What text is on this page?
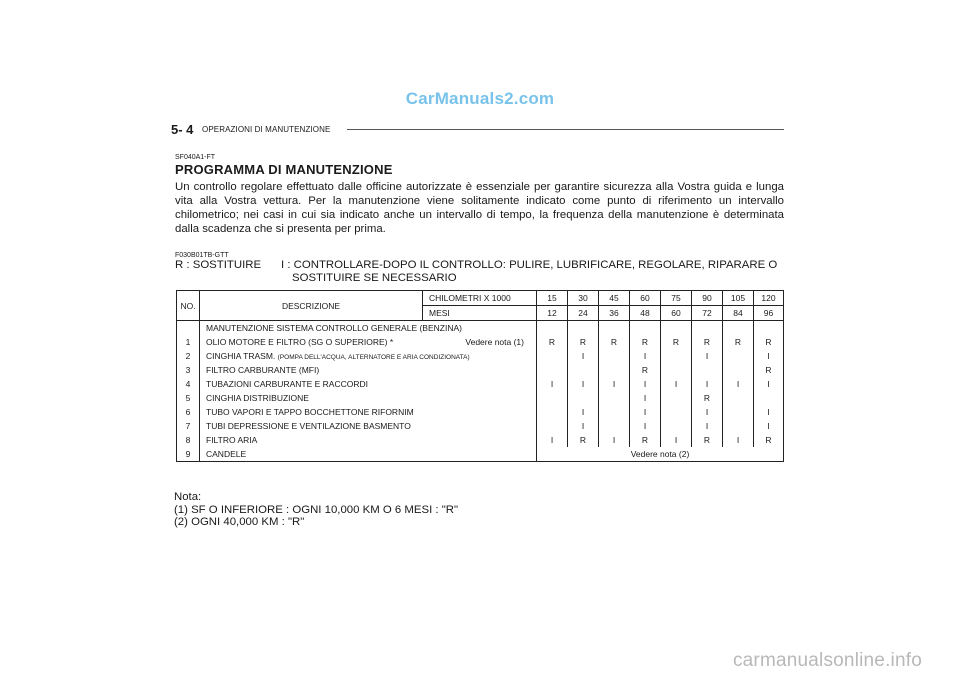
CarManuals2.com
5- 4 OPERAZIONI DI MANUTENZIONE
SF040A1-FT
PROGRAMMA DI MANUTENZIONE

Un controllo regolare effettuato dalle officine autorizzate è essenziale per garantire sicurezza alla Vostra guida e lunga vita alla Vostra vettura. Per la manutenzione viene solitamente indicato come punto di riferimento un intervallo chilometrico; nei casi in cui sia indicato anche un intervallo di tempo, la frequenza della manutenzione è determinata dalla scadenza che si presenta per prima.

F030B01TB-GTT
R : SOSTITUIRE I : CONTROLLARE-DOPO IL CONTROLLO: PULIRE, LUBRIFICARE, REGOLARE, RIPARARE O
SOSTITUIRE SE NECESSARIO
NO.	DESCRIZIONE	CHILOMETRI X 1000	15	30	45	60	75	90	105	120
		MESI	12	24	36	48	60	72	84	96
	MANUTENZIONE SISTEMA CONTROLLO GENERALE (BENZINA)									
1	OLIO MOTORE E FILTRO (SG O SUPERIORE) *	Vedere nota (1)	R	R	R	R	R	R	R	R
2	CINGHIA TRASM. (POMPA DELL'ACQUA, ALTERNATORE E ARIA CONDIZIONATA)			I		I		I		I
3	FILTRO CARBURANTE (MFI)					R				R
4	TUBAZIONI CARBURANTE E RACCORDI		I	I	I	I	I	I	I	I
5	CINGHIA DISTRIBUZIONE					I		R		
6	TUBO VAPORI E TAPPO BOCCHETTONE RIFORNIM			I		I		I		I
7	TUBI DEPRESSIONE E VENTILAZIONE BASMENTO			I		I		I		I
8	FILTRO ARIA		I	R	I	R	I	R	I	R
9	CANDELE		Vedere nota (2)							
Nota:
(1) SF O INFERIORE : OGNI 10,000 KM O 6 MESI : "R"
(2) OGNI 40,000 KM : "R"
carmanualsonline.info
